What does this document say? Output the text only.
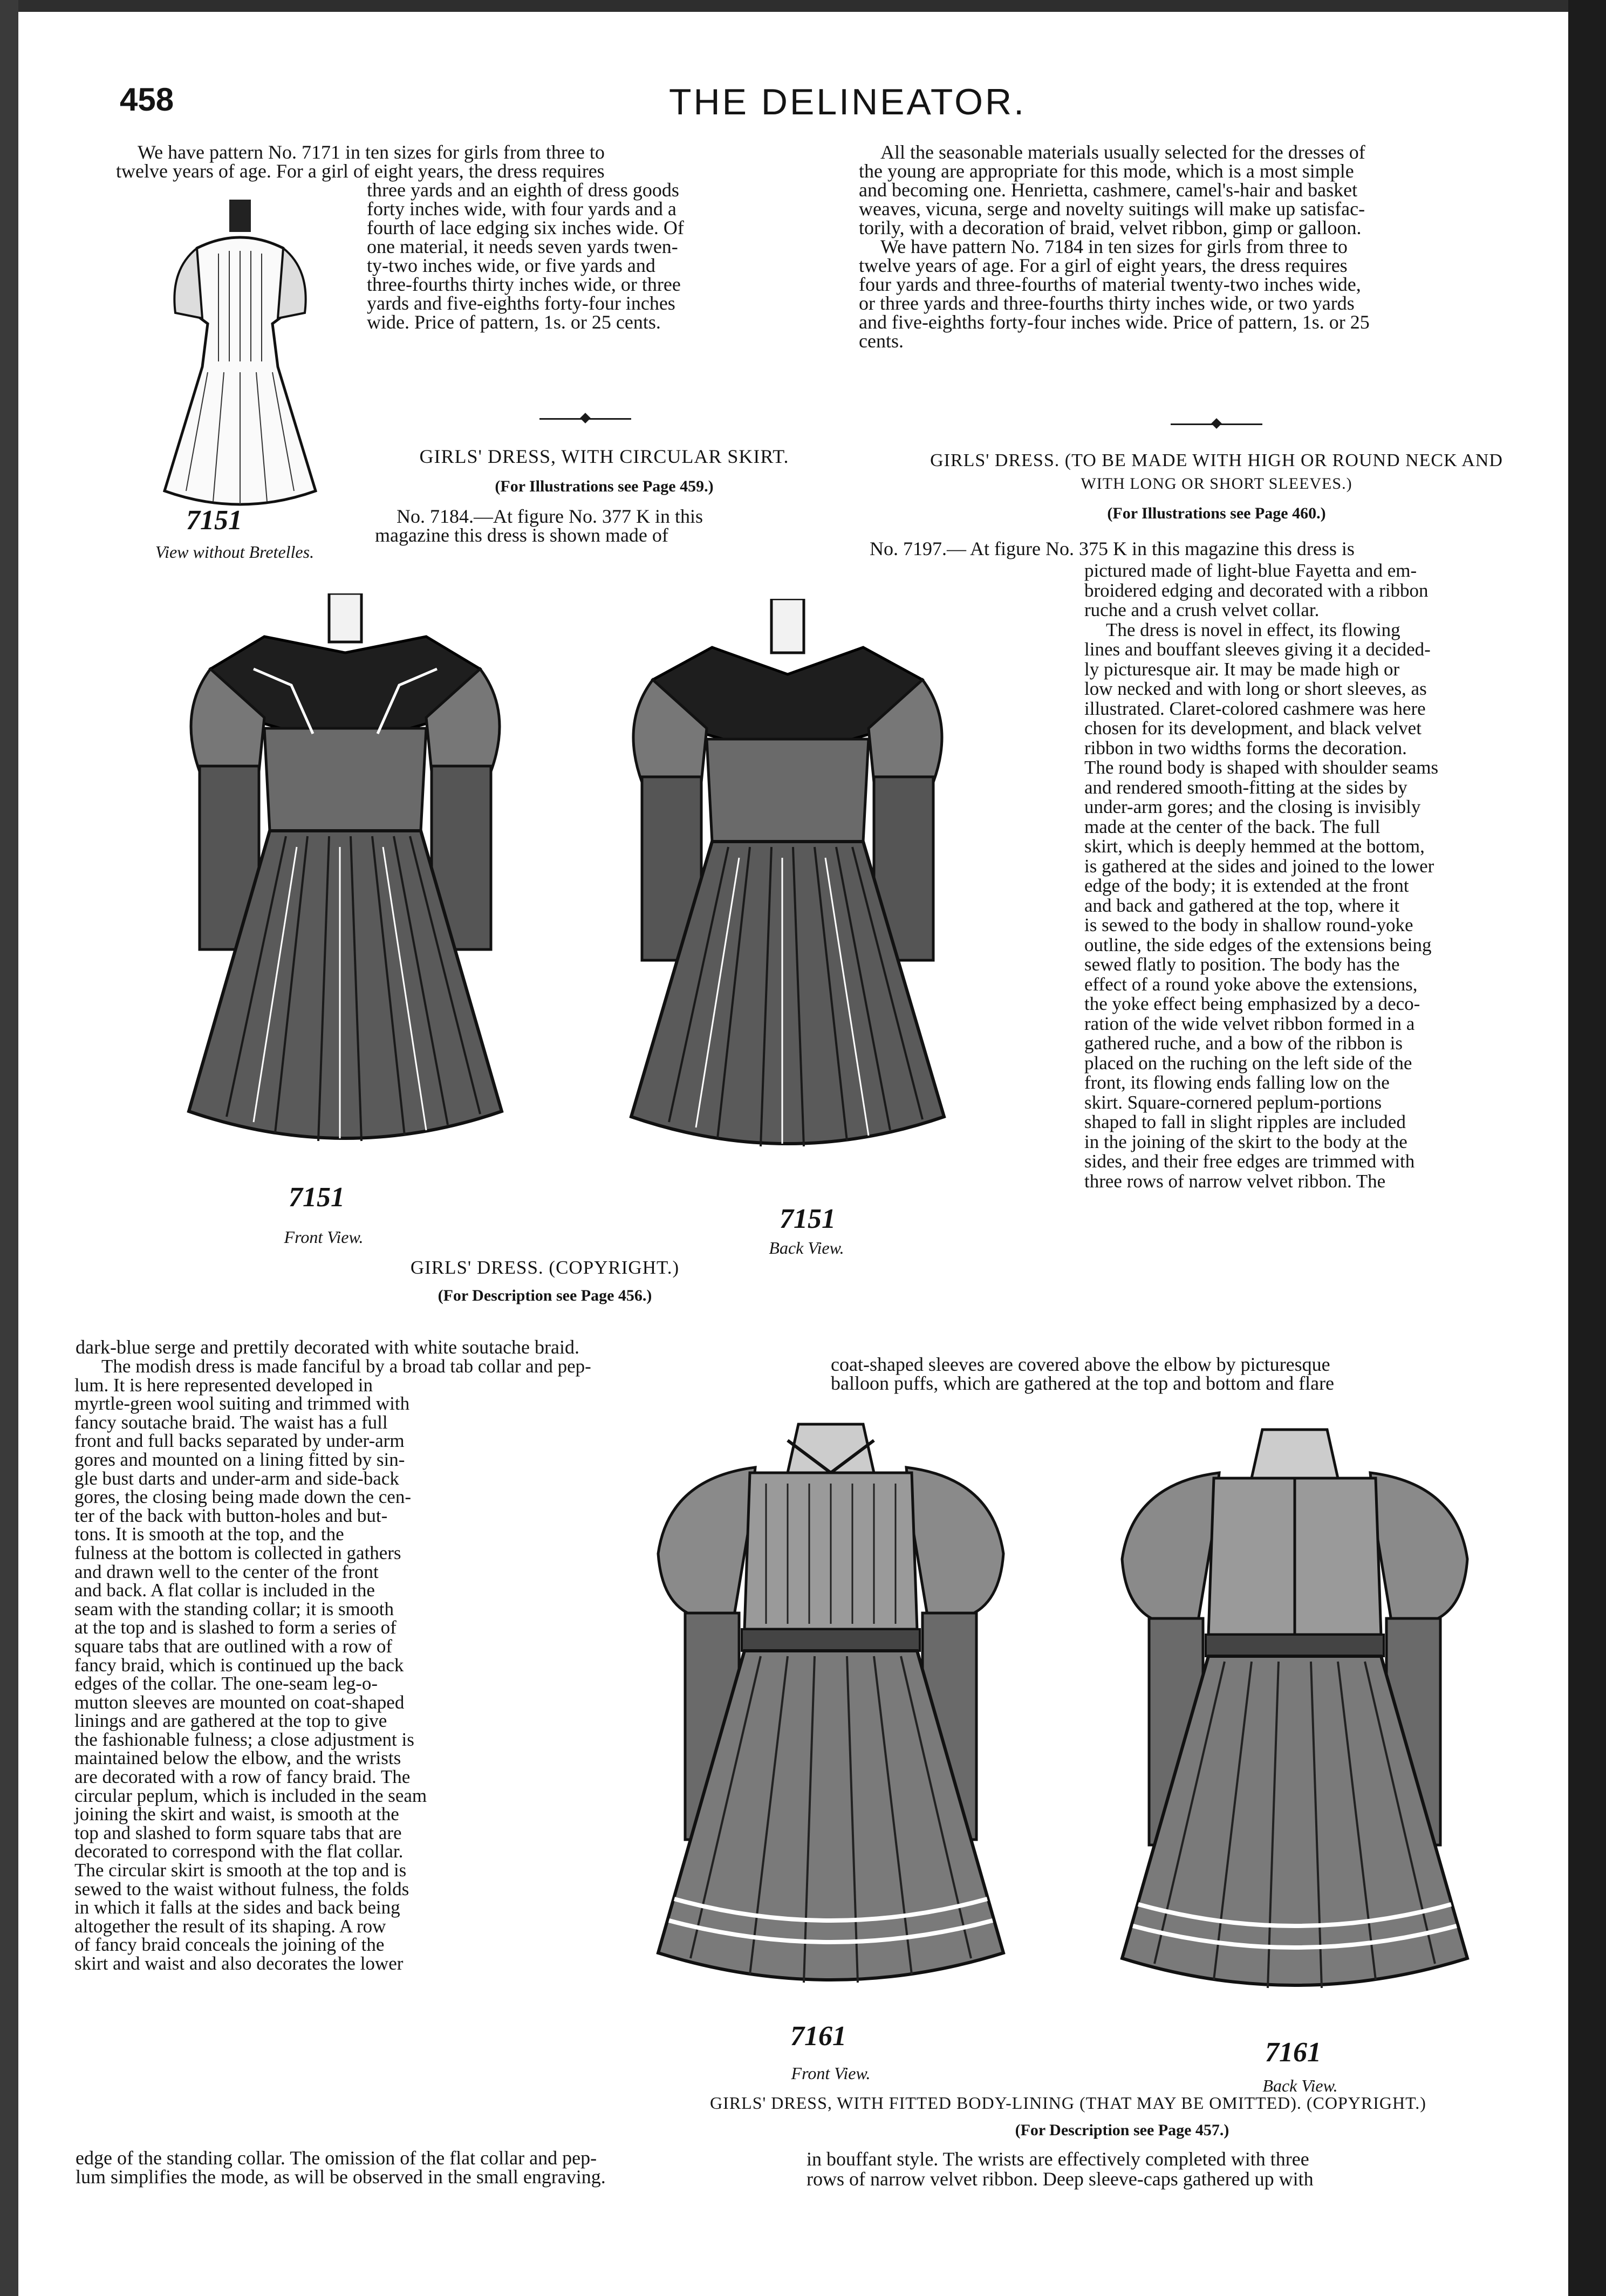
458	THE DELINEATOR.
We have pattern No. 7171 in ten sizes for girls from three to
twelve years of age. For a girl of eight years, the dress requires
three yards and an eighth of dress goods
forty inches wide, with four yards and a
fourth of lace edging six inches wide. Of
one material, it needs seven yards twen-
ty-two inches wide, or five yards and
three-fourths thirty inches wide, or three
yards and five-eighths forty-four inches
wide. Price of pattern, 1s. or 25 cents.
7151
View without Bretelles.
GIRLS' DRESS, WITH CIRCULAR SKIRT.
(For Illustrations see Page 459.)
No. 7184.—At figure No. 377 K in this
magazine this dress is shown made of
All the seasonable materials usually selected for the dresses of
the young are appropriate for this mode, which is a most simple
and becoming one. Henrietta, cashmere, camel's-hair and basket
weaves, vicuna, serge and novelty suitings will make up satisfac-
torily, with a decoration of braid, velvet ribbon, gimp or galloon.
We have pattern No. 7184 in ten sizes for girls from three to
twelve years of age. For a girl of eight years, the dress requires
four yards and three-fourths of material twenty-two inches wide,
or three yards and three-fourths thirty inches wide, or two yards
and five-eighths forty-four inches wide. Price of pattern, 1s. or 25
cents.
GIRLS' DRESS. (TO BE MADE WITH HIGH OR ROUND NECK AND
WITH LONG OR SHORT SLEEVES.)
(For Illustrations see Page 460.)
No. 7197.— At figure No. 375 K in this magazine this dress is
pictured made of light-blue Fayetta and em-
broidered edging and decorated with a ribbon
ruche and a crush velvet collar.
The dress is novel in effect, its flowing
lines and bouffant sleeves giving it a decided-
ly picturesque air. It may be made high or
low necked and with long or short sleeves, as
illustrated. Claret-colored cashmere was here
chosen for its development, and black velvet
ribbon in two widths forms the decoration.
The round body is shaped with shoulder seams
and rendered smooth-fitting at the sides by
under-arm gores; and the closing is invisibly
made at the center of the back. The full
skirt, which is deeply hemmed at the bottom,
is gathered at the sides and joined to the lower
edge of the body; it is extended at the front
and back and gathered at the top, where it
is sewed to the body in shallow round-yoke
outline, the side edges of the extensions being
sewed flatly to position. The body has the
effect of a round yoke above the extensions,
the yoke effect being emphasized by a deco-
ration of the wide velvet ribbon formed in a
gathered ruche, and a bow of the ribbon is
placed on the ruching on the left side of the
front, its flowing ends falling low on the
skirt. Square-cornered peplum-portions
shaped to fall in slight ripples are included
in the joining of the skirt to the body at the
sides, and their free edges are trimmed with
three rows of narrow velvet ribbon. The
7151
Front View.
7151
Back View.
GIRLS' DRESS. (COPYRIGHT.)
(For Description see Page 456.)
dark-blue serge and prettily decorated with white soutache braid.
coat-shaped sleeves are covered above the elbow by picturesque
balloon puffs, which are gathered at the top and bottom and flare
The modish dress is made fanciful by a broad tab collar and pep-
lum. It is here represented developed in
myrtle-green wool suiting and trimmed with
fancy soutache braid. The waist has a full
front and full backs separated by under-arm
gores and mounted on a lining fitted by sin-
gle bust darts and under-arm and side-back
gores, the closing being made down the cen-
ter of the back with button-holes and but-
tons. It is smooth at the top, and the
fulness at the bottom is collected in gathers
and drawn well to the center of the front
and back. A flat collar is included in the
seam with the standing collar; it is smooth
at the top and is slashed to form a series of
square tabs that are outlined with a row of
fancy braid, which is continued up the back
edges of the collar. The one-seam leg-o-
mutton sleeves are mounted on coat-shaped
linings and are gathered at the top to give
the fashionable fulness; a close adjustment is
maintained below the elbow, and the wrists
are decorated with a row of fancy braid. The
circular peplum, which is included in the seam
joining the skirt and waist, is smooth at the
top and slashed to form square tabs that are
decorated to correspond with the flat collar.
The circular skirt is smooth at the top and is
sewed to the waist without fulness, the folds
in which it falls at the sides and back being
altogether the result of its shaping. A row
of fancy braid conceals the joining of the
skirt and waist and also decorates the lower
7161
Front View.
7161
Back View.
GIRLS' DRESS, WITH FITTED BODY-LINING (THAT MAY BE OMITTED). (COPYRIGHT.)
(For Description see Page 457.)
edge of the standing collar. The omission of the flat collar and pep-
lum simplifies the mode, as will be observed in the small engraving.
in bouffant style. The wrists are effectively completed with three
rows of narrow velvet ribbon. Deep sleeve-caps gathered up with
